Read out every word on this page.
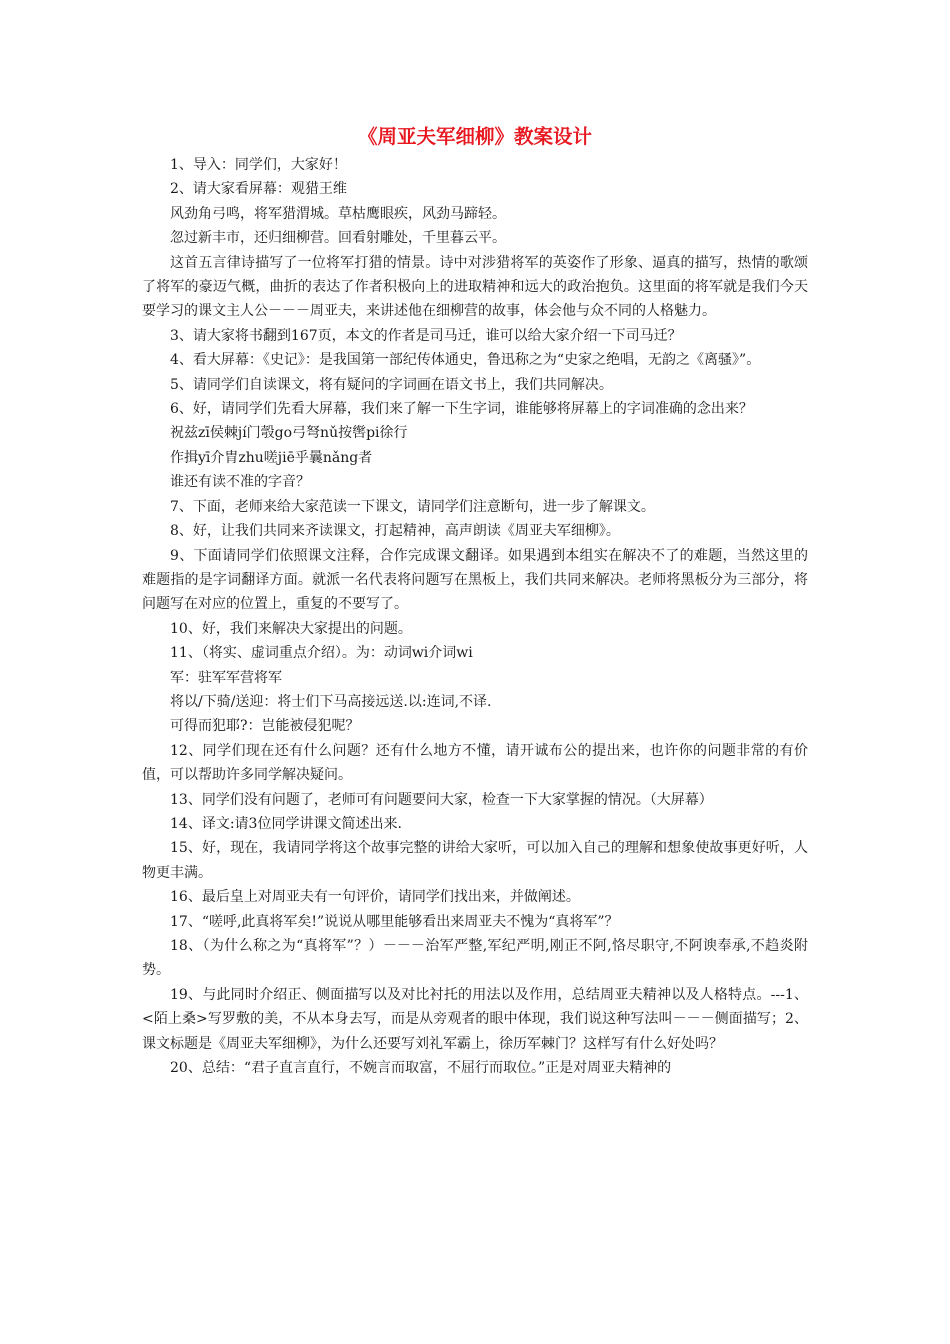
《周亚夫军细柳》教案设计

1、导入：同学们，大家好！

2、请大家看屏幕：观猎王维

风劲角弓鸣，将军猎渭城。草枯鹰眼疾，风劲马蹄轻。

忽过新丰市，还归细柳营。回看射雕处，千里暮云平。

这首五言律诗描写了一位将军打猎的情景。诗中对涉猎将军的英姿作了形象、逼真的描写，热情的歌颂了将军的豪迈气概，曲折的表达了作者积极向上的进取精神和远大的政治抱负。这里面的将军就是我们今天要学习的课文主人公－－－周亚夫，来讲述他在细柳营的故事，体会他与众不同的人格魅力。

3、请大家将书翻到167页，本文的作者是司马迁，谁可以给大家介绍一下司马迁？

4、看大屏幕：《史记》：是我国第一部纪传体通史，鲁迅称之为“史家之绝唱，无韵之《离骚》”。

5、请同学们自读课文，将有疑问的字词画在语文书上，我们共同解决。

6、好，请同学们先看大屏幕，我们来了解一下生字词，谁能够将屏幕上的字词准确的念出来？

祝兹zī侯棘jí门彀go弓弩nǔ按辔pi徐行

作揖yī介胄zhu嗟jiē乎曩nǎng者

谁还有读不准的字音？

7、下面，老师来给大家范读一下课文，请同学们注意断句，进一步了解课文。

8、好，让我们共同来齐读课文，打起精神，高声朗读《周亚夫军细柳》。

9、下面请同学们依照课文注释，合作完成课文翻译。如果遇到本组实在解决不了的难题，当然这里的难题指的是字词翻译方面。就派一名代表将问题写在黑板上，我们共同来解决。老师将黑板分为三部分，将问题写在对应的位置上，重复的不要写了。

10、好，我们来解决大家提出的问题。

11、（将实、虚词重点介绍）。为：动词wi介词wi

军：驻军军营将军

将以/下骑/送迎：将士们下马高接远送.以:连词,不译.

可得而犯耶?：岂能被侵犯呢？

12、同学们现在还有什么问题？还有什么地方不懂，请开诚布公的提出来，也许你的问题非常的有价值，可以帮助许多同学解决疑问。

13、同学们没有问题了，老师可有问题要问大家，检查一下大家掌握的情况。（大屏幕）

14、译文:请3位同学讲课文简述出来.

15、好，现在，我请同学将这个故事完整的讲给大家听，可以加入自己的理解和想象使故事更好听，人物更丰满。

16、最后皇上对周亚夫有一句评价，请同学们找出来，并做阐述。

17、“嗟呼,此真将军矣!”说说从哪里能够看出来周亚夫不愧为“真将军”？

18、（为什么称之为“真将军”？）－－－治军严整,军纪严明,刚正不阿,恪尽职守,不阿谀奉承,不趋炎附势。

19、与此同时介绍正、侧面描写以及对比衬托的用法以及作用，总结周亚夫精神以及人格特点。---1、<陌上桑>写罗敷的美，不从本身去写，而是从旁观者的眼中体现，我们说这种写法叫－－－侧面描写；2、课文标题是《周亚夫军细柳》，为什么还要写刘礼军霸上，徐历军棘门？这样写有什么好处吗？

20、总结：“君子直言直行，不婉言而取富，不屈行而取位。”正是对周亚夫精神的
